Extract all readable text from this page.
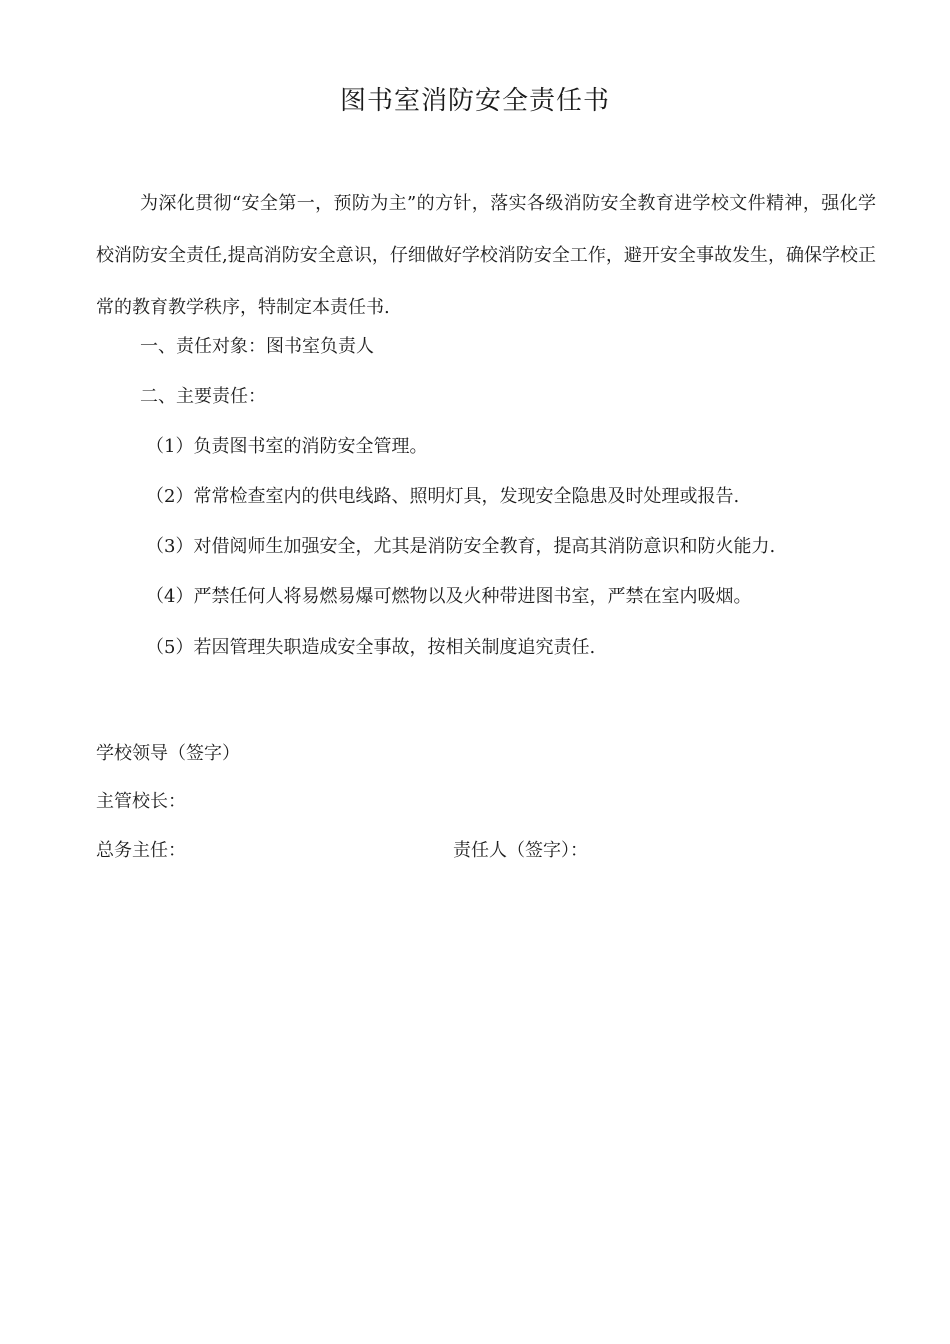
图书室消防安全责任书

为深化贯彻“安全第一，预防为主”的方针，落实各级消防安全教育进学校文件精神，强化学校消防安全责任,提高消防安全意识，仔细做好学校消防安全工作，避开安全事故发生，确保学校正常的教育教学秩序，特制定本责任书.

一、责任对象：图书室负责人
二、主要责任：
（1）负责图书室的消防安全管理。
（2）常常检查室内的供电线路、照明灯具，发现安全隐患及时处理或报告.
（3）对借阅师生加强安全，尤其是消防安全教育，提高其消防意识和防火能力.
（4）严禁任何人将易燃易爆可燃物以及火种带进图书室，严禁在室内吸烟。
（5）若因管理失职造成安全事故，按相关制度追究责任.
学校领导（签字）
主管校长：
总务主任：	责任人（签字）：
